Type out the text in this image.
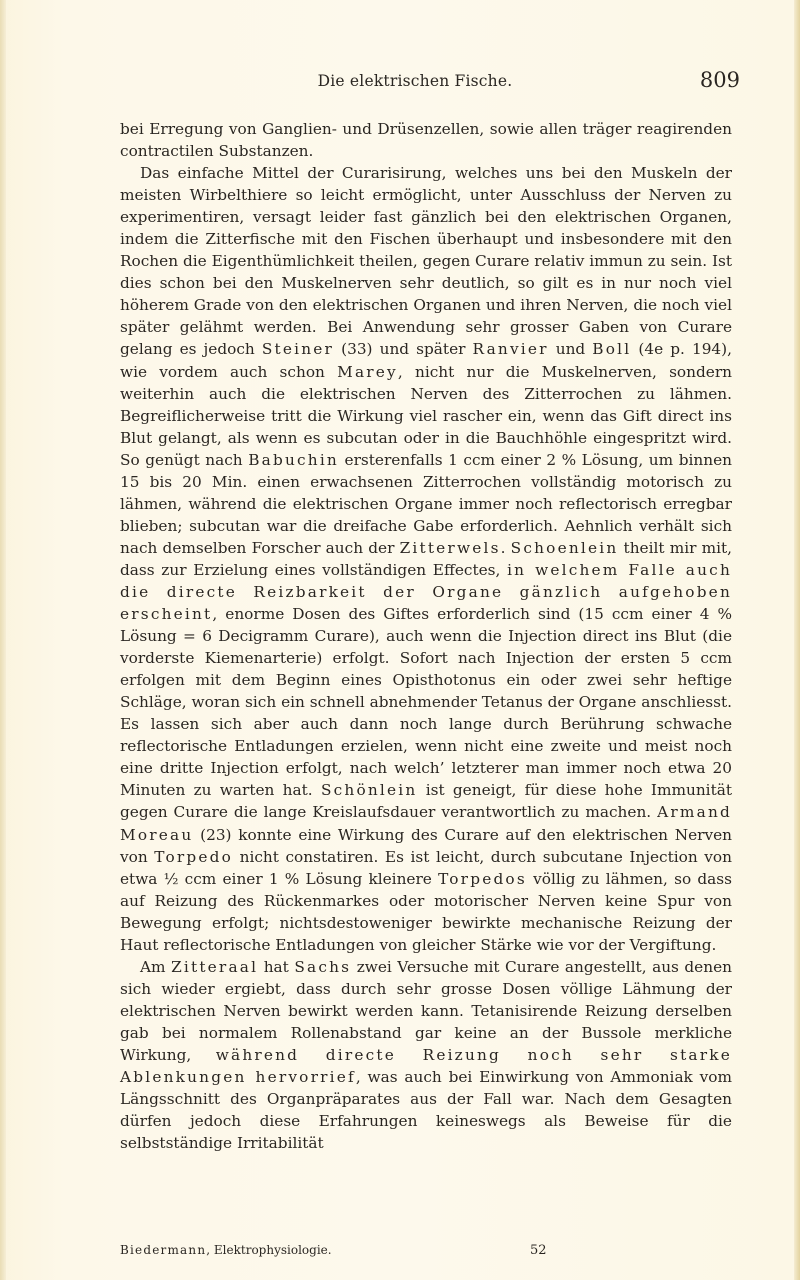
Die elektrischen Fische.	809

bei Erregung von Ganglien- und Drüsenzellen, sowie allen träger reagirenden contractilen Substanzen.

Das einfache Mittel der Curarisirung, welches uns bei den Muskeln der meisten Wirbelthiere so leicht ermöglicht, unter Ausschluss der Nerven zu experimentiren, versagt leider fast gänzlich bei den elektrischen Organen, indem die Zitterfische mit den Fischen überhaupt und insbesondere mit den Rochen die Eigenthümlichkeit theilen, gegen Curare relativ immun zu sein. Ist dies schon bei den Muskelnerven sehr deutlich, so gilt es in nur noch viel höherem Grade von den elektrischen Organen und ihren Nerven, die noch viel später gelähmt werden. Bei Anwendung sehr grosser Gaben von Curare gelang es jedoch Steiner (33) und später Ranvier und Boll (4e p. 194), wie vordem auch schon Marey, nicht nur die Muskelnerven, sondern weiterhin auch die elektrischen Nerven des Zitterrochen zu lähmen. Begreiflicherweise tritt die Wirkung viel rascher ein, wenn das Gift direct ins Blut gelangt, als wenn es subcutan oder in die Bauchhöhle eingespritzt wird. So genügt nach Babuchin ersterenfalls 1 ccm einer 2 % Lösung, um binnen 15 bis 20 Min. einen erwachsenen Zitterrochen vollständig motorisch zu lähmen, während die elektrischen Organe immer noch reflectorisch erregbar blieben; subcutan war die dreifache Gabe erforderlich. Aehnlich verhält sich nach demselben Forscher auch der Zitterwels. Schoenlein theilt mir mit, dass zur Erzielung eines vollständigen Effectes, in welchem Falle auch die directe Reizbarkeit der Organe gänzlich aufgehoben erscheint, enorme Dosen des Giftes erforderlich sind (15 ccm einer 4 % Lösung = 6 Decigramm Curare), auch wenn die Injection direct ins Blut (die vorderste Kiemenarterie) erfolgt. Sofort nach Injection der ersten 5 ccm erfolgen mit dem Beginn eines Opisthotonus ein oder zwei sehr heftige Schläge, woran sich ein schnell abnehmender Tetanus der Organe anschliesst. Es lassen sich aber auch dann noch lange durch Berührung schwache reflectorische Entladungen erzielen, wenn nicht eine zweite und meist noch eine dritte Injection erfolgt, nach welch’ letzterer man immer noch etwa 20 Minuten zu warten hat. Schönlein ist geneigt, für diese hohe Immunität gegen Curare die lange Kreislaufsdauer verantwortlich zu machen. Armand Moreau (23) konnte eine Wirkung des Curare auf den elektrischen Nerven von Torpedo nicht constatiren. Es ist leicht, durch subcutane Injection von etwa ½ ccm einer 1 % Lösung kleinere Torpedos völlig zu lähmen, so dass auf Reizung des Rückenmarkes oder motorischer Nerven keine Spur von Bewegung erfolgt; nichtsdestoweniger bewirkte mechanische Reizung der Haut reflectorische Entladungen von gleicher Stärke wie vor der Vergiftung.

Am Zitteraal hat Sachs zwei Versuche mit Curare angestellt, aus denen sich wieder ergiebt, dass durch sehr grosse Dosen völlige Lähmung der elektrischen Nerven bewirkt werden kann. Tetanisirende Reizung derselben gab bei normalem Rollenabstand gar keine an der Bussole merkliche Wirkung, während directe Reizung noch sehr starke Ablenkungen hervorrief, was auch bei Einwirkung von Ammoniak vom Längsschnitt des Organpräparates aus der Fall war. Nach dem Gesagten dürfen jedoch diese Erfahrungen keineswegs als Beweise für die selbstständige Irritabilität

Biedermann, Elektrophysiologie.	52
